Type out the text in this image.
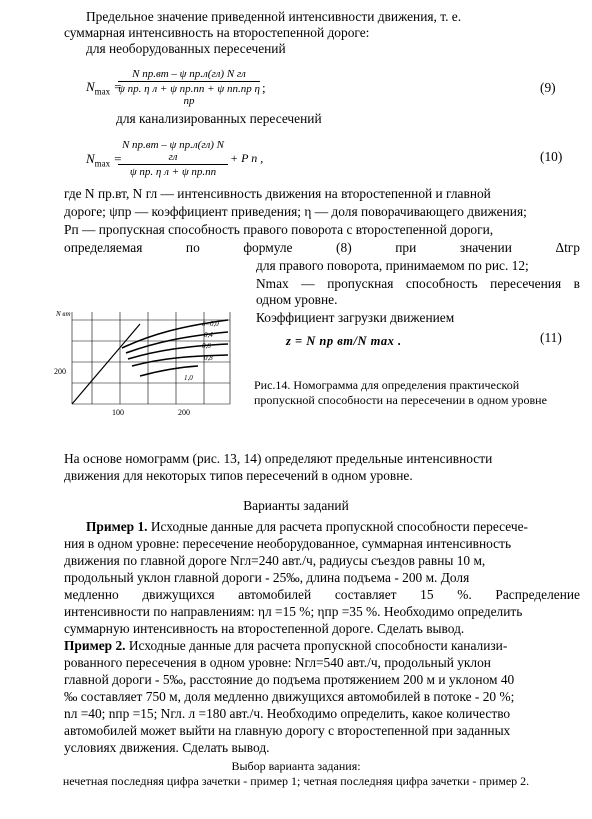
Предельное значение приведенной интенсивности движения, т. е.
суммарная интенсивность на второстепенной дороге:
для необорудованных пересечений
$N_{max}$ =
N пр.вт – ψ пр.л(гл) N гл
ψ пр. η л + ψ пр.пп + ψ пп.пр η пр
;	(9)
для канализированных пересечений
$N_{max}$ =
N пр.вт – ψ пр.л(гл) N гл
ψ пр. η л + ψ пр.пп
+ P п ,	(10)
где N пр.вт, N гл — интенсивность движения на второстепенной и главной
дороге; ψпр — коэффициент приведения; η — доля поворачивающего движения;
Pп — пропускная способность правого поворота с второстепенной дороги,
определяемая по формуле (8) при значении Δtгр
для правого поворота, принимаемом по рис. 12;
Nmax — пропускная способность пересечения в
одном уровне.
Коэффициент загрузки движением
z = N пр вт/N max .	(11)
N вт
200
100	200
δ=0,0
0,4
0,6
0,8
1,0	Рис.14. Номограмма для определения практической
пропускной способности на пересечении в одном уровне
На основе номограмм (рис. 13, 14) определяют предельные интенсивности
движения для некоторых типов пересечений в одном уровне.
Варианты заданий
Пример 1. Исходные данные для расчета пропускной способности пересече-
ния в одном уровне: пересечение необорудованное, суммарная интенсивность
движения по главной дороге Nгл=240 авт./ч, радиусы съездов равны 10 м,
продольный уклон главной дороги - 25‰, длина подъема - 200 м. Доля
медленно движущихся автомобилей составляет 15 %. Распределение
интенсивности по направлениям: ηл =15 %; ηпр =35 %. Необходимо определить
суммарную интенсивность на второстепенной дороге. Сделать вывод.
Пример 2. Исходные данные для расчета пропускной способности канализи-
рованного пересечения в одном уровне: Nгл=540 авт./ч, продольный уклон
главной дороги - 5‰, расстояние до подъема протяжением 200 м и уклоном 40
‰ составляет 750 м, доля медленно движущихся автомобилей в потоке - 20 %;
nл =40; nпр =15; Nгл. л =180 авт./ч. Необходимо определить, какое количество
автомобилей может выйти на главную дорогу с второстепенной при заданных
условиях движения. Сделать вывод.
Выбор варианта задания:
нечетная последняя цифра зачетки - пример 1; четная последняя цифра зачетки - пример 2.
